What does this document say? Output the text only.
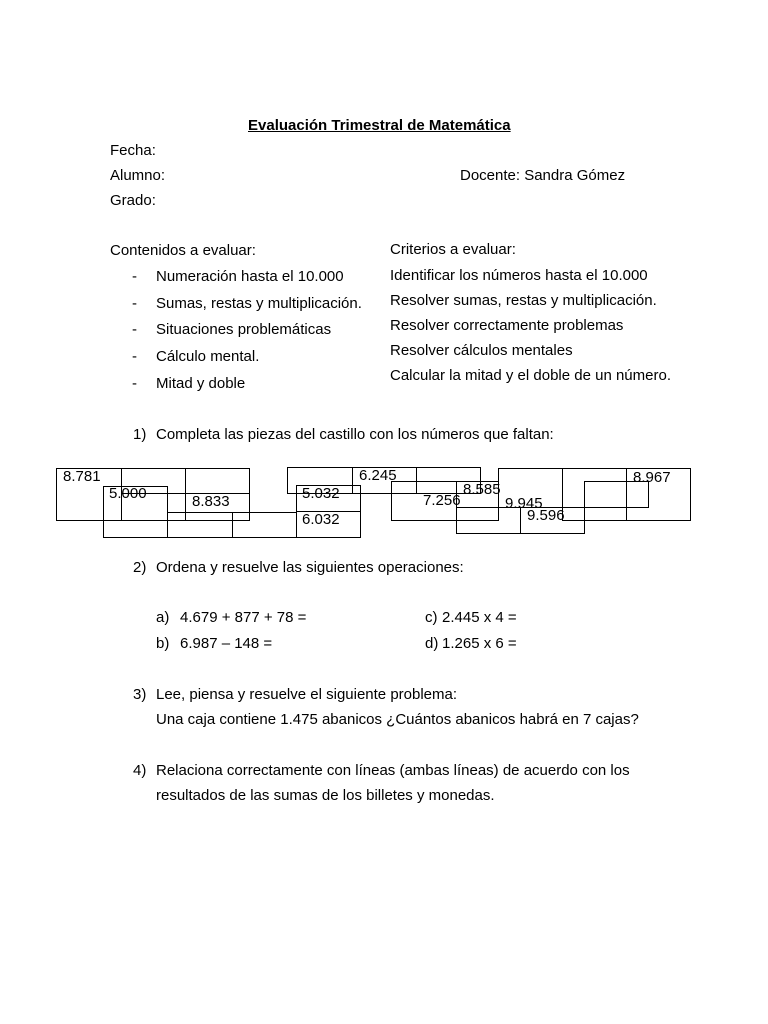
Evaluación Trimestral de Matemática
Fecha:
Alumno:	Docente: Sandra Gómez
Grado:
Contenidos a evaluar:
- Numeración hasta el 10.000
- Sumas, restas y multiplicación.
- Situaciones problemáticas
- Cálculo mental.
- Mitad y doble
Criterios a evaluar:
Identificar los números hasta el 10.000
Resolver sumas, restas y multiplicación.
Resolver correctamente problemas
Resolver cálculos mentales
Calcular la mitad y el doble de un número.
1) Completa las piezas del castillo con los números que faltan:
8.781
5.000	8.833	5.032
6.032
6.245
7.256
8.585
9.945
9.596
8.967
2) Ordena y resuelve las siguientes operaciones:
a) 4.679 + 877 + 78 =
b) 6.987 – 148 =
c) 2.445 x 4 =
d) 1.265 x 6 =
3) Lee, piensa y resuelve el siguiente problema:
Una caja contiene 1.475 abanicos ¿Cuántos abanicos habrá en 7 cajas?
4) Relaciona correctamente con líneas (ambas líneas) de acuerdo con los
resultados de las sumas de los billetes y monedas.
